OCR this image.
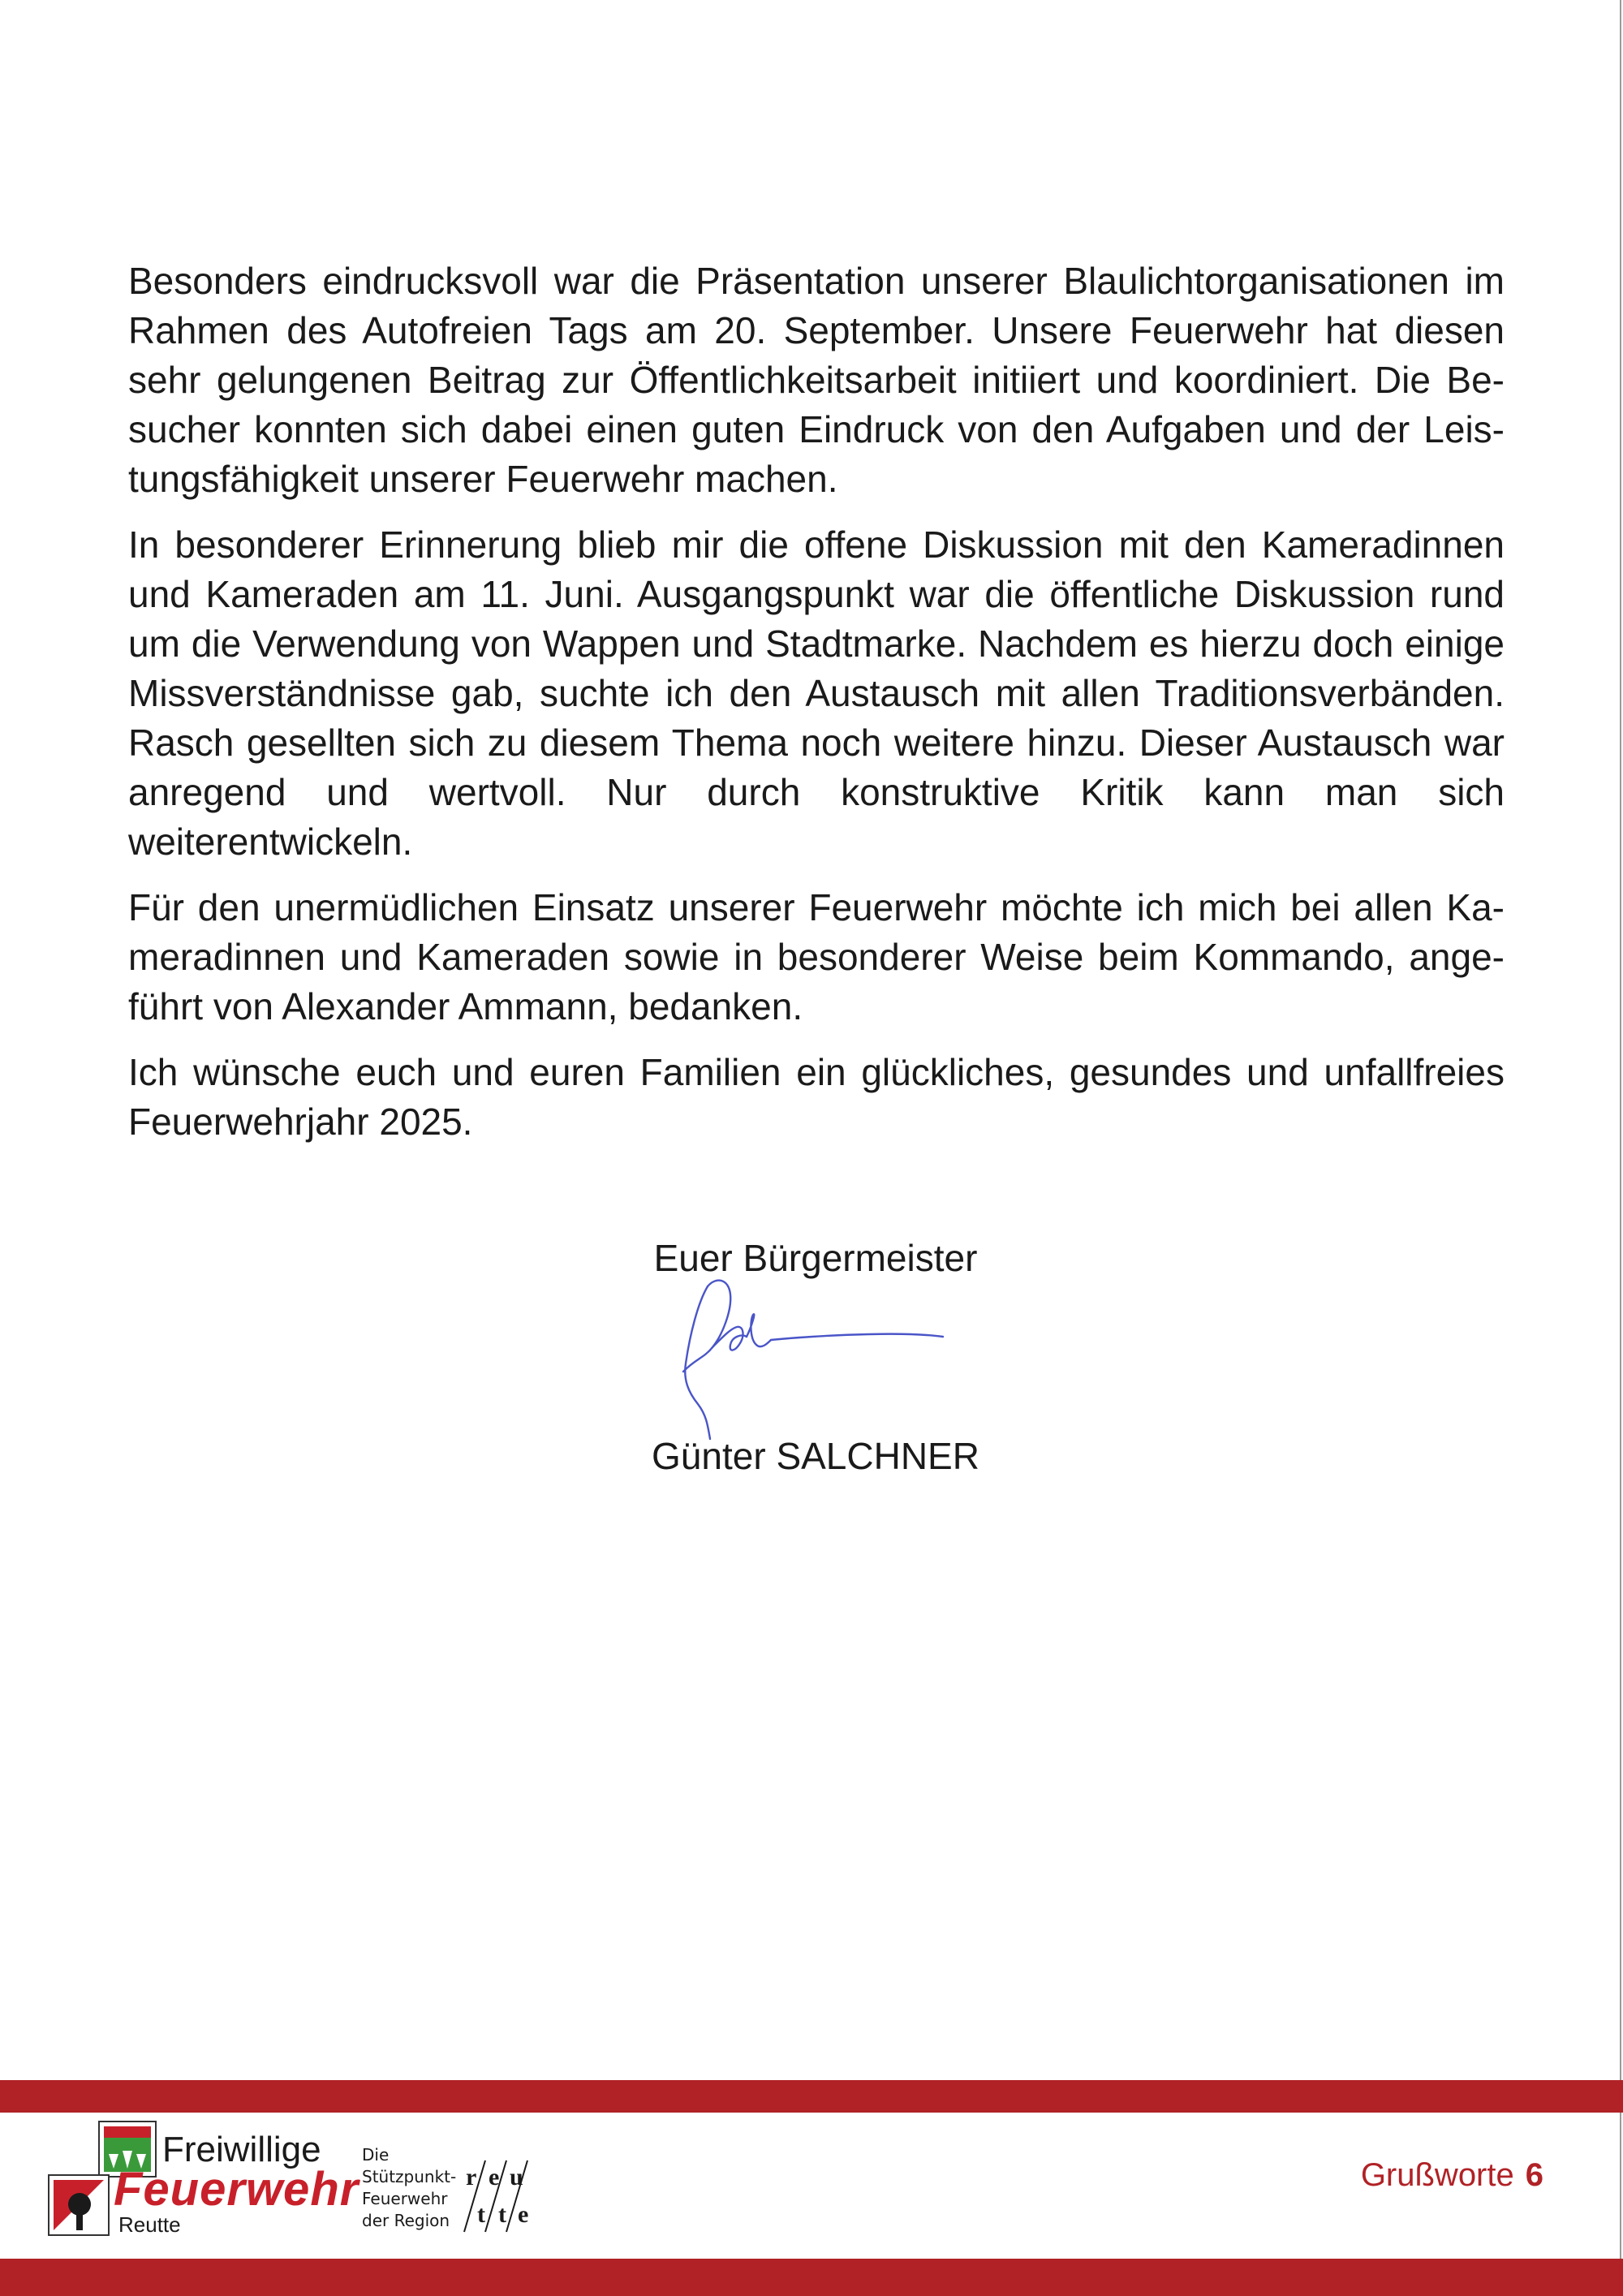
Besonders eindrucksvoll war die Präsentation unserer Blaulichtorganisationen im Rahmen des Autofreien Tags am 20. September. Unsere Feuerwehr hat diesen sehr gelungenen Beitrag zur Öffentlichkeitsarbeit initiiert und koordiniert. Die Besucher konnten sich dabei einen guten Eindruck von den Aufgaben und der Leistungsfähigkeit unserer Feuerwehr machen.

In besonderer Erinnerung blieb mir die offene Diskussion mit den Kameradinnen und Kameraden am 11. Juni. Ausgangspunkt war die öffentliche Diskussion rund um die Verwendung von Wappen und Stadtmarke. Nachdem es hierzu doch einige Missverständnisse gab, suchte ich den Austausch mit allen Traditionsverbänden. Rasch gesellten sich zu diesem Thema noch weitere hinzu. Dieser Austausch war anregend und wertvoll. Nur durch konstruktive Kritik kann man sich weiterentwickeln.

Für den unermüdlichen Einsatz unserer Feuerwehr möchte ich mich bei allen Kameradinnen und Kameraden sowie in besonderer Weise beim Kommando, angeführt von Alexander Ammann, bedanken.

Ich wünsche euch und euren Familien ein glückliches, gesundes und unfallfreies Feuerwehrjahr 2025.

Euer Bürgermeister
Günter SALCHNER
Freiwillige
Feuerwehr
Reutte
Die
Stützpunkt-
Feuerwehr
der Region
r e u
t t e
Grußworte 6
